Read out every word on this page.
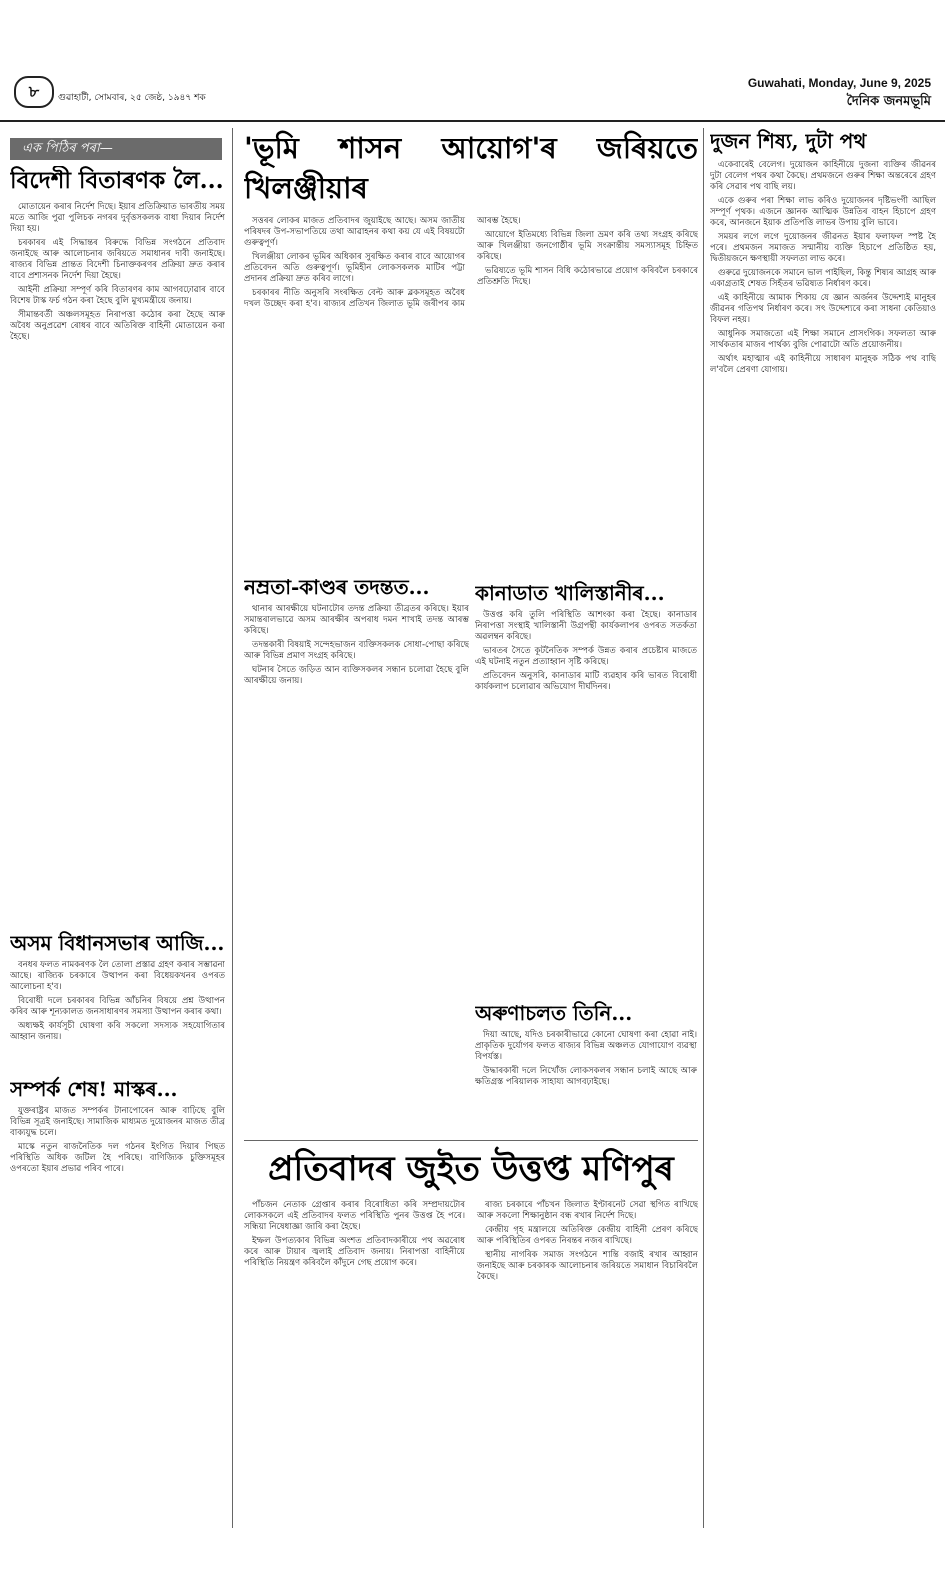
৮	গুৱাহাটী, সোমবাৰ, ২৫ জেষ্ঠ, ১৯৪৭ শক
Guwahati, Monday, June 9, 2025
দৈনিক জনমভূমি
এক পিঠিৰ পৰা—
বিদেশী বিতাৰণক লৈ...

মোতায়েন কৰাৰ নির্দেশ দিছে। ইয়াৰ প্ৰতিক্ৰিয়াত ভাৰতীয় সময় মতে আজি পুৱা পুলিচক নগৰৰ দুৰ্বৃত্তসকলক বাধা দিয়াৰ নির্দেশ দিয়া হয়।

চৰকাৰৰ এই সিদ্ধান্তৰ বিৰুদ্ধে বিভিন্ন সংগঠনে প্ৰতিবাদ জনাইছে আৰু আলোচনাৰ জৰিয়তে সমাধানৰ দাবী জনাইছে। ৰাজ্যৰ বিভিন্ন প্ৰান্তত বিদেশী চিনাক্তকৰণৰ প্ৰক্ৰিয়া দ্ৰুত কৰাৰ বাবে প্ৰশাসনক নিৰ্দেশ দিয়া হৈছে।

আইনী প্ৰক্ৰিয়া সম্পূৰ্ণ কৰি বিতাৰণৰ কাম আগবঢ়োৱাৰ বাবে বিশেষ টাস্ক ফৰ্চ গঠন কৰা হৈছে বুলি মুখ্যমন্ত্ৰীয়ে জনায়।

সীমান্তবৰ্তী অঞ্চলসমূহত নিৰাপত্তা কঠোৰ কৰা হৈছে আৰু অবৈধ অনুপ্ৰৱেশ ৰোধৰ বাবে অতিৰিক্ত বাহিনী মোতায়েন কৰা হৈছে।

অসম বিধানসভাৰ আজি...

বনধৰ ফলত নামকৰণক লৈ তোলা প্ৰস্তাৱ গ্ৰহণ কৰাৰ সম্ভাৱনা আছে। ৰাজ্যিক চৰকাৰে উত্থাপন কৰা বিধেয়কখনৰ ওপৰত আলোচনা হ'ব।

বিৰোধী দলে চৰকাৰৰ বিভিন্ন আঁচনিৰ বিষয়ে প্ৰশ্ন উত্থাপন কৰিব আৰু শূন্যকালত জনসাধাৰণৰ সমস্যা উত্থাপন কৰাৰ কথা।

অধ্যক্ষই কাৰ্যসূচী ঘোষণা কৰি সকলো সদস্যক সহযোগিতাৰ আহ্বান জনায়।

সম্পৰ্ক শেষ! মাস্কৰ...

যুক্তৰাষ্ট্ৰৰ মাজত সম্পৰ্কৰ টানাপোৰেন আৰু বাঢ়িছে বুলি বিভিন্ন সূত্ৰই জনাইছে। সামাজিক মাধ্যমত দুয়োজনৰ মাজত তীব্ৰ বাক্যযুদ্ধ চলে।

মাস্কে নতুন ৰাজনৈতিক দল গঠনৰ ইংগিত দিয়াৰ পিছত পৰিস্থিতি অধিক জটিল হৈ পৰিছে। বাণিজ্যিক চুক্তিসমূহৰ ওপৰতো ইয়াৰ প্ৰভাৱ পৰিব পাৰে।

'ভূমি শাসন আয়োগ'ৰ জৰিয়তে খিলঞ্জীয়াৰ

সত্তৰৰ লোকৰ মাজত প্ৰতিবাদৰ জুয়াইছে আছে। অসম জাতীয় পৰিষদৰ উপ-সভাপতিয়ে তথা আৱাহনৰ কথা কয় যে এই বিষয়টো গুৰুত্বপূৰ্ণ।

খিলঞ্জীয়া লোকৰ ভূমিৰ অধিকাৰ সুৰক্ষিত কৰাৰ বাবে আয়োগৰ প্ৰতিবেদন অতি গুৰুত্বপূৰ্ণ। ভূমিহীন লোকসকলক মাটিৰ পট্টা প্ৰদানৰ প্ৰক্ৰিয়া দ্ৰুত কৰিব লাগে।

চৰকাৰৰ নীতি অনুসৰি সংৰক্ষিত বেল্ট আৰু ব্লকসমূহত অবৈধ দখল উচ্ছেদ কৰা হ'ব। ৰাজ্যৰ প্ৰতিখন জিলাত ভূমি জৰীপৰ কাম আৰম্ভ হৈছে।

আয়োগে ইতিমধ্যে বিভিন্ন জিলা ভ্ৰমণ কৰি তথ্য সংগ্ৰহ কৰিছে আৰু খিলঞ্জীয়া জনগোষ্ঠীৰ ভূমি সংক্ৰান্তীয় সমস্যাসমূহ চিহ্নিত কৰিছে।

ভৱিষ্যতে ভূমি শাসন বিধি কঠোৰভাৱে প্ৰয়োগ কৰিবলৈ চৰকাৰে প্ৰতিশ্ৰুতি দিছে।

নম্ৰতা-কাণ্ডৰ তদন্তত...

থানাৰ আৰক্ষীয়ে ঘটনাটোৰ তদন্ত প্ৰক্ৰিয়া তীব্ৰতৰ কৰিছে। ইয়াৰ সমান্তৰালভাৱে অসম আৰক্ষীৰ অপৰাধ দমন শাখাই তদন্ত আৰম্ভ কৰিছে।

তদন্তকাৰী বিষয়াই সন্দেহভাজন ব্যক্তিসকলক সোধা-পোছা কৰিছে আৰু বিভিন্ন প্ৰমাণ সংগ্ৰহ কৰিছে।

ঘটনাৰ সৈতে জড়িত আন ব্যক্তিসকলৰ সন্ধান চলোৱা হৈছে বুলি আৰক্ষীয়ে জনায়।

কানাডাত খালিস্তানীৰ...

উত্তপ্ত কৰি তুলি পৰিস্থিতি আশংকা কৰা হৈছে। কানাডাৰ নিৰাপত্তা সংস্থাই খালিস্তানী উগ্ৰপন্থী কাৰ্যকলাপৰ ওপৰত সতৰ্কতা অৱলম্বন কৰিছে।

ভাৰতৰ সৈতে কূটনৈতিক সম্পৰ্ক উন্নত কৰাৰ প্ৰচেষ্টাৰ মাজতে এই ঘটনাই নতুন প্ৰত্যাহ্বান সৃষ্টি কৰিছে।

প্ৰতিবেদন অনুসৰি, কানাডাৰ মাটি ব্যৱহাৰ কৰি ভাৰত বিৰোধী কাৰ্যকলাপ চলোৱাৰ অভিযোগ দীৰ্ঘদিনৰ।

অৰুণাচলত তিনি...

দিয়া আছে, যদিও চৰকাৰীভাৱে কোনো ঘোষণা কৰা হোৱা নাই। প্ৰাকৃতিক দুৰ্যোগৰ ফলত ৰাজ্যৰ বিভিন্ন অঞ্চলত যোগাযোগ ব্যৱস্থা বিপৰ্যস্ত।

উদ্ধাৰকাৰী দলে নিখোঁজ লোকসকলৰ সন্ধান চলাই আছে আৰু ক্ষতিগ্ৰস্ত পৰিয়ালক সাহায্য আগবঢ়াইছে।

প্ৰতিবাদৰ জুইত উত্তপ্ত মণিপুৰ

পাঁচজন নেতাক গ্ৰেপ্তাৰ কৰাৰ বিৰোধিতা কৰি সম্প্ৰদায়টোৰ লোকসকলে এই প্ৰতিবাদৰ ফলত পৰিস্থিতি পুনৰ উত্তপ্ত হৈ পৰে। সন্ধিয়া নিষেধাজ্ঞা জাৰি কৰা হৈছে।

ইম্ফল উপত্যকাৰ বিভিন্ন অংশত প্ৰতিবাদকাৰীয়ে পথ অৱৰোধ কৰে আৰু টায়াৰ জ্বলাই প্ৰতিবাদ জনায়। নিৰাপত্তা বাহিনীয়ে পৰিস্থিতি নিয়ন্ত্ৰণ কৰিবলৈ কাঁদুনে গেছ প্ৰয়োগ কৰে।

ৰাজ্য চৰকাৰে পাঁচখন জিলাত ইণ্টাৰনেট সেৱা স্থগিত ৰাখিছে আৰু সকলো শিক্ষানুষ্ঠান বন্ধ ৰখাৰ নির্দেশ দিছে।

কেন্দ্ৰীয় গৃহ মন্ত্ৰালয়ে অতিৰিক্ত কেন্দ্ৰীয় বাহিনী প্ৰেৰণ কৰিছে আৰু পৰিস্থিতিৰ ওপৰত নিৰন্তৰ নজৰ ৰাখিছে।

স্থানীয় নাগৰিক সমাজ সংগঠনে শান্তি বজাই ৰখাৰ আহ্বান জনাইছে আৰু চৰকাৰক আলোচনাৰ জৰিয়তে সমাধান বিচাৰিবলৈ কৈছে।

দুজন শিষ্য, দুটা পথ

একেবাৰেই বেলেগ। দুয়োজন কাহিনীয়ে দুজনা ব্যক্তিৰ জীৱনৰ দুটা বেলেগ পথৰ কথা কৈছে। প্ৰথমজনে গুৰুৰ শিক্ষা অন্তৰেৰে গ্ৰহণ কৰি সেৱাৰ পথ বাছি লয়।

একে গুৰুৰ পৰা শিক্ষা লাভ কৰিও দুয়োজনৰ দৃষ্টিভংগী আছিল সম্পূৰ্ণ পৃথক। এজনে জ্ঞানক আত্মিক উন্নতিৰ বাহন হিচাপে গ্ৰহণ কৰে, আনজনে ইয়াক প্ৰতিপত্তি লাভৰ উপায় বুলি ভাবে।

সময়ৰ লগে লগে দুয়োজনৰ জীৱনত ইয়াৰ ফলাফল স্পষ্ট হৈ পৰে। প্ৰথমজন সমাজত সন্মানীয় ব্যক্তি হিচাপে প্ৰতিষ্ঠিত হয়, দ্বিতীয়জনে ক্ষণস্থায়ী সফলতা লাভ কৰে।

গুৰুৱে দুয়োজনকে সমানে ভাল পাইছিল, কিন্তু শিষ্যৰ আগ্ৰহ আৰু একাগ্ৰতাই শেষত সিহঁতৰ ভৱিষ্যত নিৰ্ধাৰণ কৰে।

এই কাহিনীয়ে আমাক শিকায় যে জ্ঞান অৰ্জনৰ উদ্দেশ্যই মানুহৰ জীৱনৰ গতিপথ নিৰ্ধাৰণ কৰে। সৎ উদ্দেশ্যৰে কৰা সাধনা কেতিয়াও বিফল নহয়।

আধুনিক সমাজতো এই শিক্ষা সমানে প্ৰাসংগিক। সফলতা আৰু সাৰ্থকতাৰ মাজৰ পাৰ্থক্য বুজি পোৱাটো অতি প্ৰয়োজনীয়।

অৰ্থাৎ মহাত্মাৰ এই কাহিনীয়ে সাধাৰণ মানুহক সঠিক পথ বাছি ল'বলৈ প্ৰেৰণা যোগায়।
